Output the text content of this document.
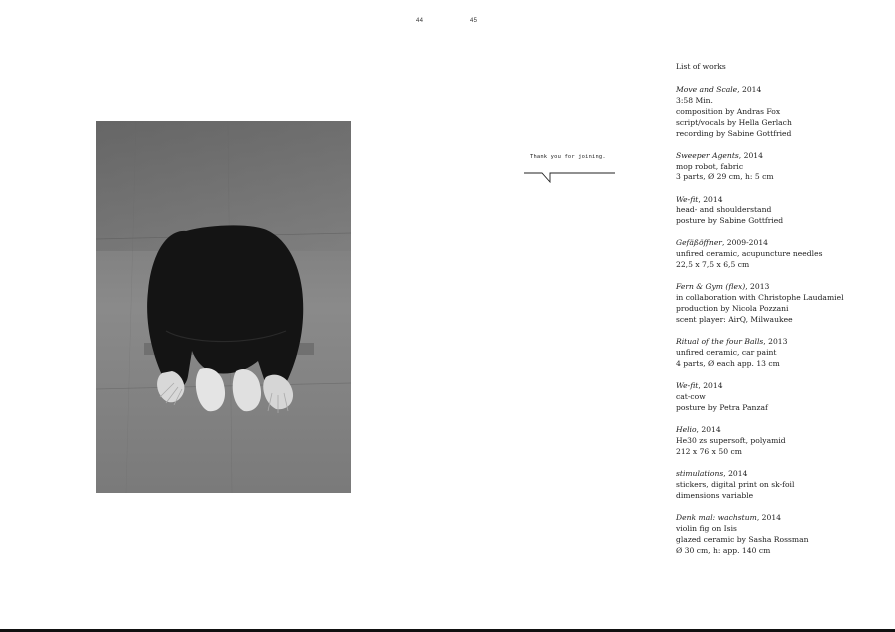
44	45
Thank you for joining.
List of works
Move and Scale, 2014
3:58 Min.
composition by Andras Fox
script/vocals by Hella Gerlach
recording by Sabine Gottfried
Sweeper Agents, 2014
mop robot, fabric
3 parts, Ø 29 cm, h: 5 cm
We-fit, 2014
head- and shoulderstand
posture by Sabine Gottfried
Gefäßöffner, 2009-2014
unfired ceramic, acupuncture needles
22,5 x 7,5 x 6,5 cm
Fern & Gym (flex), 2013
in collaboration with Christophe Laudamiel
production by Nicola Pozzani
scent player: AirQ, Milwaukee
Ritual of the four Balls, 2013
unfired ceramic, car paint
4 parts, Ø each app. 13 cm
We-fit, 2014
cat-cow
posture by Petra Panzaf
Helio, 2014
He30 zs supersoft, polyamid
212 x 76 x 50 cm
stimulations, 2014
stickers, digital print on sk-foil
dimensions variable
Denk mal: wachstum, 2014
violin fig on Isis
glazed ceramic by Sasha Rossman
Ø 30 cm, h: app. 140 cm
